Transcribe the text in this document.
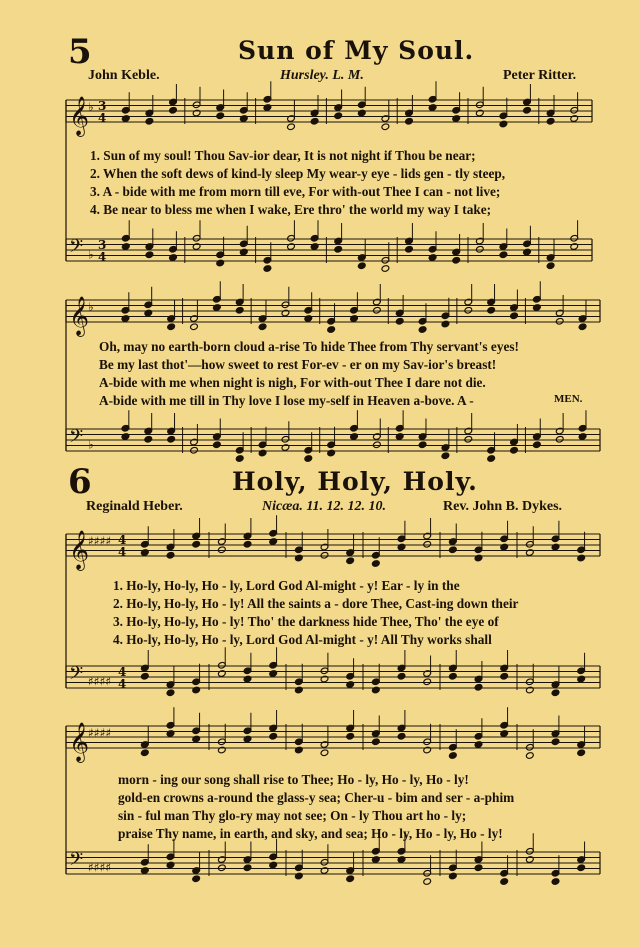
𝄞
♭ 3
4
𝄢 ♭
3
4
𝄞
♭
𝄢 ♭
𝄞
♯♯♯♯ 4
4
𝄢 ♯♯♯♯
4
4
𝄞
♯♯♯♯
𝄢 ♯♯♯♯
5	Sun of My Soul.
John Keble.	Hursley. L. M.	Peter Ritter.
1. Sun of my soul! Thou Sav-ior dear, It is not night if Thou be near;
2. When the soft dews of kind-ly sleep My wear-y eye - lids gen - tly steep,
3. A - bide with me from morn till eve, For with-out Thee I can - not live;
4. Be near to bless me when I wake, Ere thro' the world my way I take;
Oh, may no earth-born cloud a-rise To hide Thee from Thy servant's eyes!
Be my last thot'—how sweet to rest For-ev - er on my Sav-ior's breast!
A-bide with me when night is nigh, For with-out Thee I dare not die.
A-bide with me till in Thy love I lose my-self in Heaven a-bove. A -	MEN.
6	Holy, Holy, Holy.
Reginald Heber.	Nicæa. 11. 12. 12. 10.	Rev. John B. Dykes.
1. Ho-ly, Ho-ly, Ho - ly, Lord God Al-might - y! Ear - ly in the
2. Ho-ly, Ho-ly, Ho - ly! All the saints a - dore Thee, Cast-ing down their
3. Ho-ly, Ho-ly, Ho - ly! Tho' the darkness hide Thee, Tho' the eye of
4. Ho-ly, Ho-ly, Ho - ly, Lord God Al-might - y! All Thy works shall
morn - ing our song shall rise to Thee; Ho - ly, Ho - ly, Ho - ly!
gold-en crowns a-round the glass-y sea; Cher-u - bim and ser - a-phim
sin - ful man Thy glo-ry may not see; On - ly Thou art ho - ly;
praise Thy name, in earth, and sky, and sea; Ho - ly, Ho - ly, Ho - ly!
